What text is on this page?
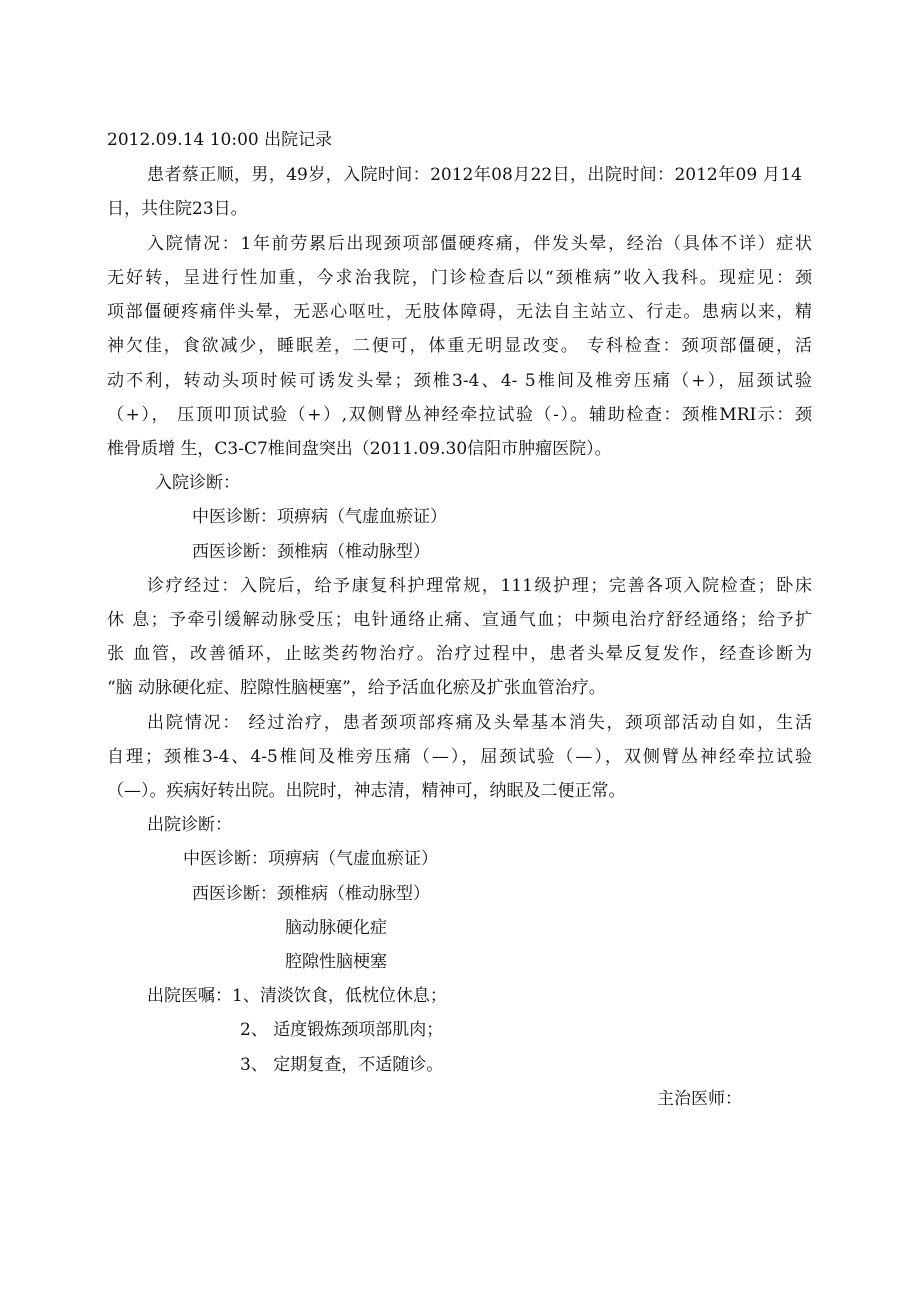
2012.09.14 10:00 出院记录
患者蔡正顺，男，49岁，入院时间：2012年08月22日，出院时间：2012年09 月14
日，共住院23日。
入院情况：1年前劳累后出现颈项部僵硬疼痛，伴发头晕，经治（具体不详）症状
无好转，呈进行性加重，今求治我院，门诊检查后以“颈椎病”收入我科。现症见：颈
项部僵硬疼痛伴头晕，无恶心呕吐，无肢体障碍，无法自主站立、行走。患病以来，精
神欠佳，食欲减少，睡眠差，二便可，体重无明显改变。 专科检查：颈项部僵硬，活
动不利，转动头项时候可诱发头晕；颈椎3-4、4- 5椎间及椎旁压痛（+），屈颈试验
（+）， 压顶叩顶试验（+）,双侧臂丛神经牵拉试验（-）。辅助检查：颈椎MRI示：颈
椎骨质增 生，C3-C7椎间盘突出（2011.09.30信阳市肿瘤医院）。
入院诊断：
中医诊断：项痹病（气虚血瘀证）
西医诊断：颈椎病（椎动脉型）
诊疗经过：入院后，给予康复科护理常规，111级护理；完善各项入院检查；卧床
休 息；予牵引缓解动脉受压；电针通络止痛、宣通气血；中频电治疗舒经通络；给予扩
张 血管，改善循环，止眩类药物治疗。治疗过程中，患者头晕反复发作，经查诊断为
“脑 动脉硬化症、腔隙性脑梗塞”，给予活血化瘀及扩张血管治疗。
出院情况： 经过治疗，患者颈项部疼痛及头晕基本消失，颈项部活动自如，生活
自理；颈椎3-4、4-5椎间及椎旁压痛（—），屈颈试验（—），双侧臂丛神经牵拉试验
（—）。疾病好转出院。出院时，神志清，精神可，纳眠及二便正常。
出院诊断：
中医诊断：项痹病（气虚血瘀证）
西医诊断：颈椎病（椎动脉型）
脑动脉硬化症
腔隙性脑梗塞
出院医嘱：1、清淡饮食，低枕位休息；
2、 适度锻炼颈项部肌肉；
3、 定期复查，不适随诊。
主治医师：
